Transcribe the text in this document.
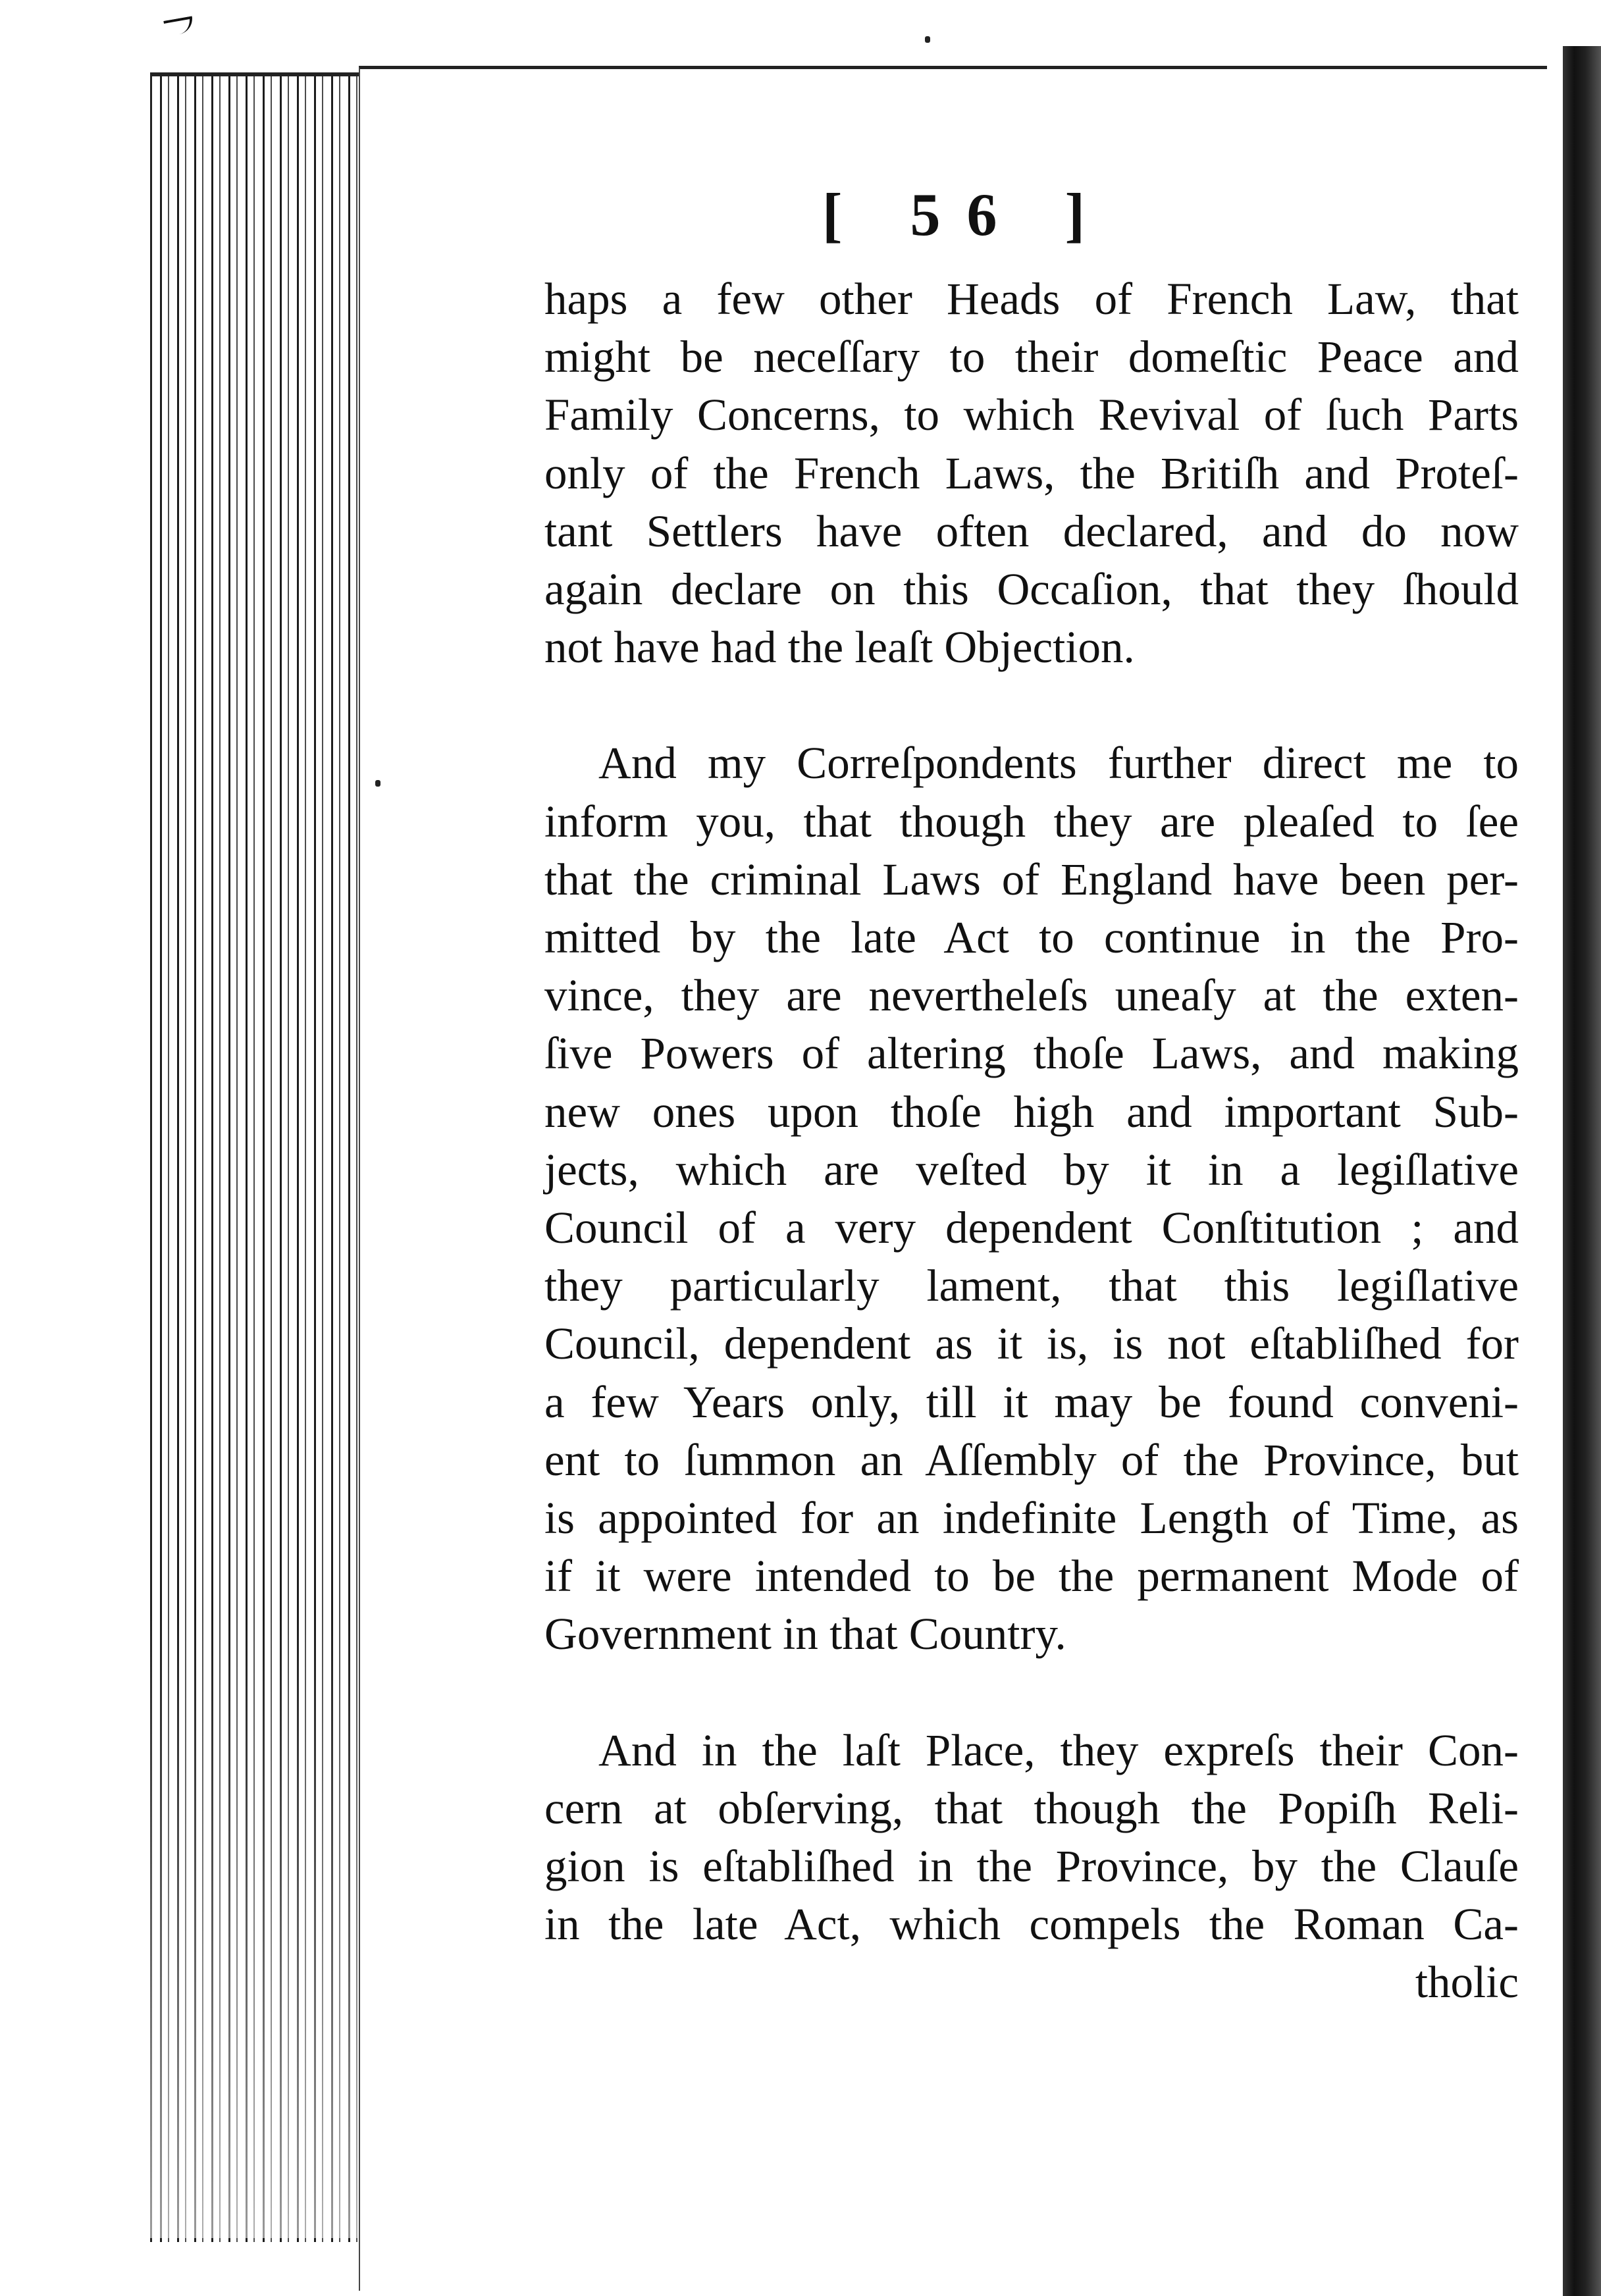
[ 56 ]
haps a few other Heads of French Law, that
might be neceſſary to their domeſtic Peace and
Family Concerns, to which Revival of ſuch Parts
only of the French Laws, the Britiſh and Proteſ-
tant Settlers have often declared, and do now
again declare on this Occaſion, that they ſhould
not have had the leaſt Objection.
And my Correſpondents further direct me to
inform you, that though they are pleaſed to ſee
that the criminal Laws of England have been per-
mitted by the late Act to continue in the Pro-
vince, they are nevertheleſs uneaſy at the exten-
ſive Powers of altering thoſe Laws, and making
new ones upon thoſe high and important Sub-
jects, which are veſted by it in a legiſlative
Council of a very dependent Conſtitution ; and
they particularly lament, that this legiſlative
Council, dependent as it is, is not eſtabliſhed for
a few Years only, till it may be found conveni-
ent to ſummon an Aſſembly of the Province, but
is appointed for an indefinite Length of Time, as
if it were intended to be the permanent Mode of
Government in that Country.
And in the laſt Place, they expreſs their Con-
cern at obſerving, that though the Popiſh Reli-
gion is eſtabliſhed in the Province, by the Clauſe
in the late Act, which compels the Roman Ca-
tholic
